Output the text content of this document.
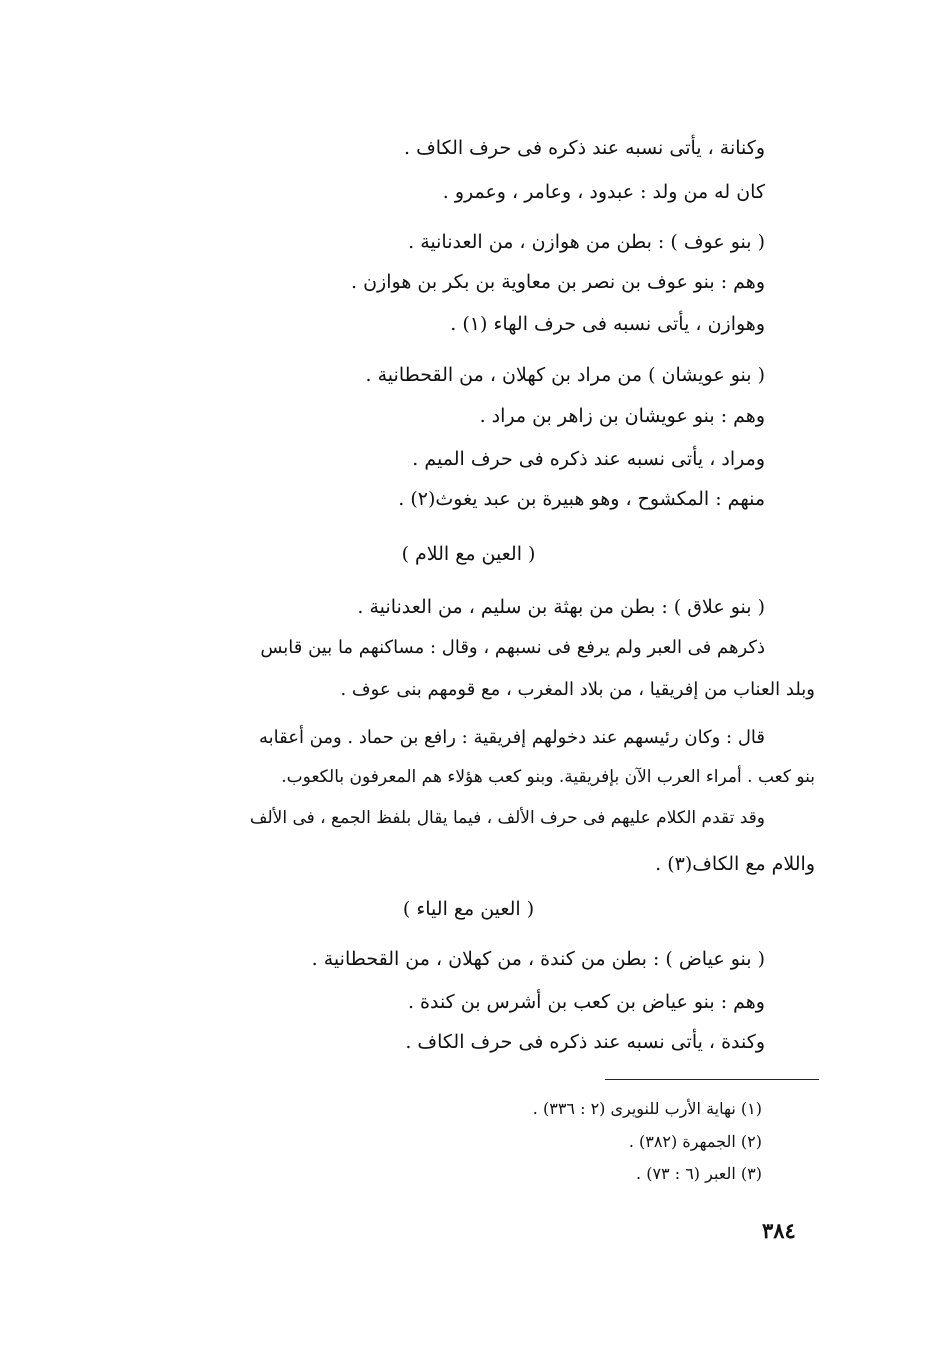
وكنانة ، يأتى نسبه عند ذكره فى حرف الكاف .
كان له من ولد : عبدود ، وعامر ، وعمرو .
( بنو عوف ) : بطن من هوازن ، من العدنانية .
وهم : بنو عوف بن نصر بن معاوية بن بكر بن هوازن .
وهوازن ، يأتى نسبه فى حرف الهاء (١) .
( بنو عويشان ) من مراد بن كهلان ، من القحطانية .
وهم : بنو عويشان بن زاهر بن مراد .
ومراد ، يأتى نسبه عند ذكره فى حرف الميم .
منهم : المكشوح ، وهو هبيرة بن عبد يغوث(٢) .
( العين مع اللام )
( بنو علاق ) : بطن من بهثة بن سليم ، من العدنانية .
ذكرهم فى العبر ولم يرفع فى نسبهم ، وقال : مساكنهم ما بين قابس
وبلد العناب من إفريقيا ، من بلاد المغرب ، مع قومهم بنى عوف .
قال : وكان رئيسهم عند دخولهم إفريقية : رافع بن حماد . ومن أعقابه
بنو كعب . أمراء العرب الآن بإفريقية. وبنو كعب هؤلاء هم المعرفون بالكعوب.
وقد تقدم الكلام عليهم فى حرف الألف ، فيما يقال بلفظ الجمع ، فى الألف
واللام مع الكاف(٣) .
( العين مع الياء )
( بنو عياض ) : بطن من كندة ، من كهلان ، من القحطانية .
وهم : بنو عياض بن كعب بن أشرس بن كندة .
وكندة ، يأتى نسبه عند ذكره فى حرف الكاف .
(١) نهاية الأرب للنويرى (٢ : ٣٣٦) .
(٢) الجمهرة (٣٨٢) .
(٣) العبر (٦ : ٧٣) .
٣٨٤
